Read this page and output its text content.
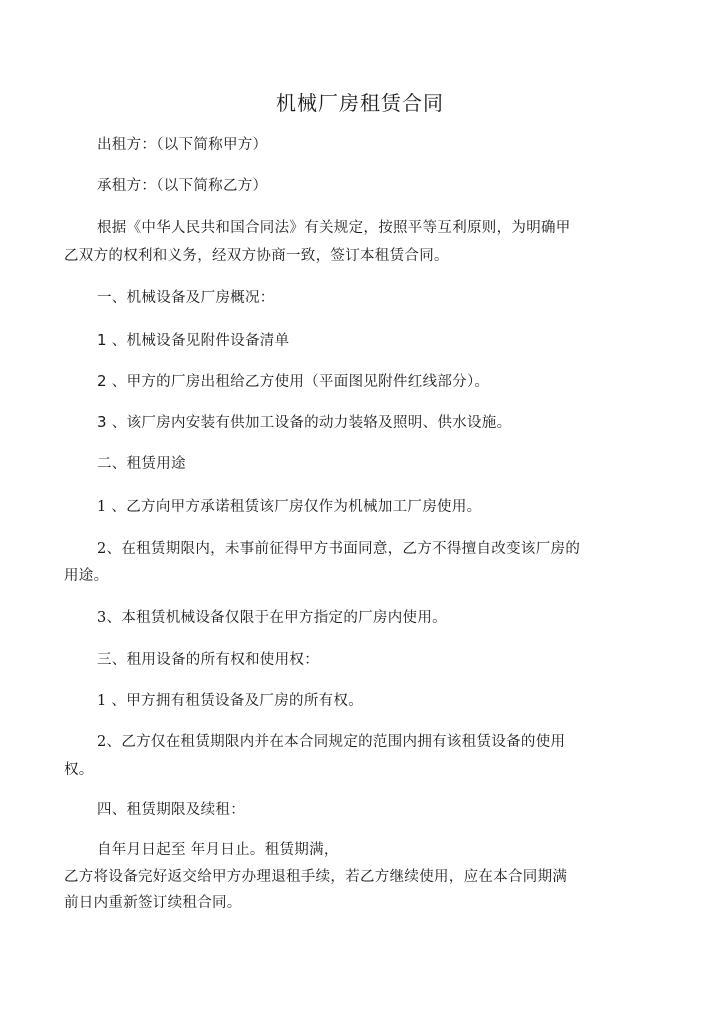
机械厂房租赁合同
出租方：（以下简称甲方）
承租方：（以下简称乙方）
根据《中华人民共和国合同法》有关规定，按照平等互利原则，为明确甲
乙双方的权利和义务，经双方协商一致，签订本租赁合同。
一、机械设备及厂房概况：
1 、机械设备见附件设备清单
2 、甲方的厂房出租给乙方使用（平面图见附件红线部分）。
3 、该厂房内安装有供加工设备的动力装辂及照明、供水设施。
二、租赁用途
1 、乙方向甲方承诺租赁该厂房仅作为机械加工厂房使用。
2、在租赁期限内，未事前征得甲方书面同意，乙方不得擅自改变该厂房的
用途。
3、本租赁机械设备仅限于在甲方指定的厂房内使用。
三、租用设备的所有权和使用权：
1 、甲方拥有租赁设备及厂房的所有权。
2、乙方仅在租赁期限内并在本合同规定的范围内拥有该租赁设备的使用
权。
四、租赁期限及续租：
自年月日起至 年月日止。租赁期满，
乙方将设备完好返交给甲方办理退租手续，若乙方继续使用，应在本合同期满
前日内重新签订续租合同。
